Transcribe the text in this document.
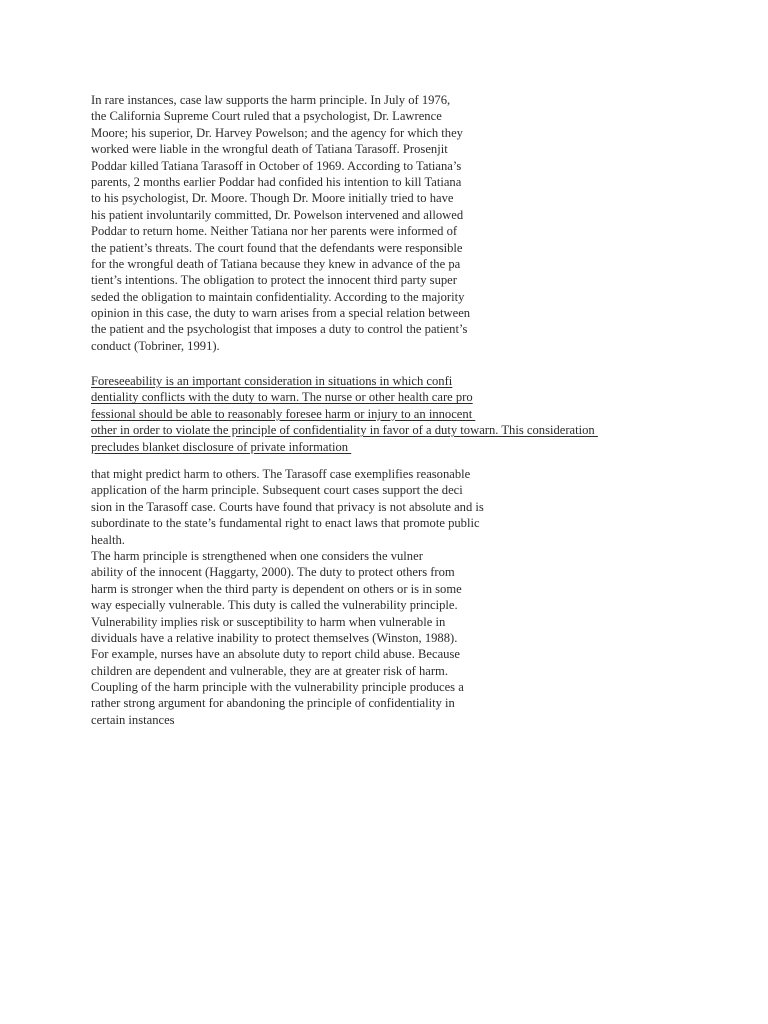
In rare instances, case law supports the harm principle. In July of 1976,
the California Supreme Court ruled that a psychologist, Dr. Lawrence
Moore; his superior, Dr. Harvey Powelson; and the agency for which they
worked were liable in the wrongful death of Tatiana Tarasoff. Prosenjit
Poddar killed Tatiana Tarasoff in October of 1969. According to Tatiana’s
parents, 2 months earlier Poddar had confided his intention to kill Tatiana
to his psychologist, Dr. Moore. Though Dr. Moore initially tried to have
his patient involuntarily committed, Dr. Powelson intervened and allowed
Poddar to return home. Neither Tatiana nor her parents were informed of
the patient’s threats. The court found that the defendants were responsible
for the wrongful death of Tatiana because they knew in advance of the pa
tient’s intentions. The obligation to protect the innocent third party super
seded the obligation to maintain confidentiality. According to the majority
opinion in this case, the duty to warn arises from a special relation between
the patient and the psychologist that imposes a duty to control the patient’s
conduct (Tobriner, 1991).
Foreseeability is an important consideration in situations in which confi
dentiality conflicts with the duty to warn. The nurse or other health care pro
fessional should be able to reasonably foresee harm or injury to an innocent
other in order to violate the principle of confidentiality in favor of a duty towarn. This consideration
precludes blanket disclosure of private information
that might predict harm to others. The Tarasoff case exemplifies reasonable
application of the harm principle. Subsequent court cases support the deci
sion in the Tarasoff case. Courts have found that privacy is not absolute and is
subordinate to the state’s fundamental right to enact laws that promote public
health.
The harm principle is strengthened when one considers the vulner
ability of the innocent (Haggarty, 2000). The duty to protect others from
harm is stronger when the third party is dependent on others or is in some
way especially vulnerable. This duty is called the vulnerability principle.
Vulnerability implies risk or susceptibility to harm when vulnerable in
dividuals have a relative inability to protect themselves (Winston, 1988).
For example, nurses have an absolute duty to report child abuse. Because
children are dependent and vulnerable, they are at greater risk of harm.
Coupling of the harm principle with the vulnerability principle produces a
rather strong argument for abandoning the principle of confidentiality in
certain instances
